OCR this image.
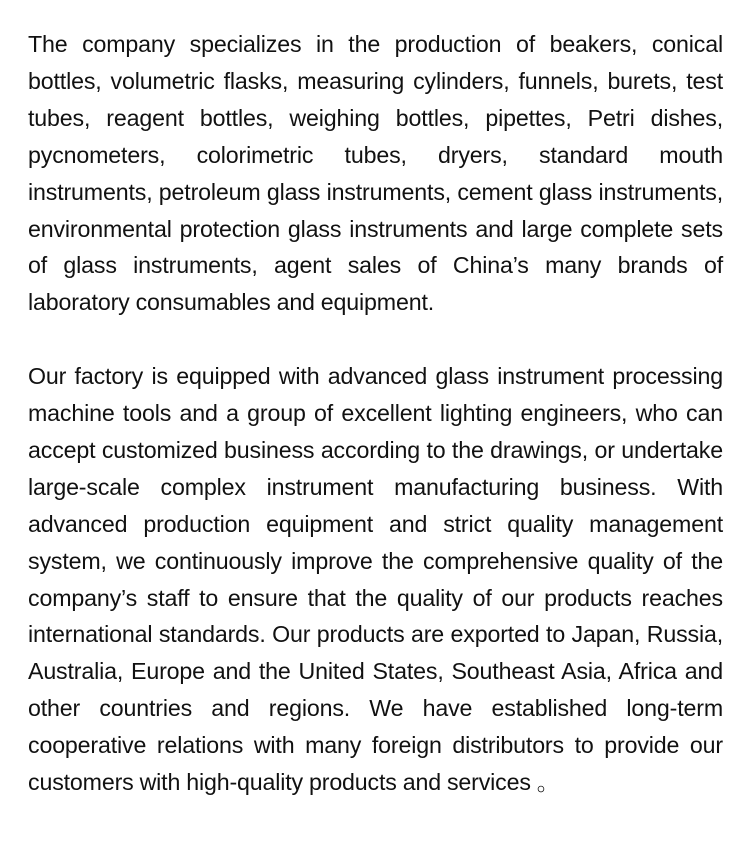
The company specializes in the production of beakers, conical bottles, volumetric flasks, measuring cylinders, funnels, burets, test tubes, reagent bottles, weighing bottles, pipettes, Petri dishes, pycnometers, colorimetric tubes, dryers, standard mouth instruments, petroleum glass instruments, cement glass instruments, environmental protection glass instruments and large complete sets of glass instruments, agent sales of China’s many brands of laboratory consumables and equipment.

Our factory is equipped with advanced glass instrument processing machine tools and a group of excellent lighting engineers, who can accept customized business according to the drawings, or undertake large-scale complex instrument manufacturing business. With advanced production equipment and strict quality management system, we continuously improve the comprehensive quality of the company’s staff to ensure that the quality of our products reaches international standards. Our products are exported to Japan, Russia, Australia, Europe and the United States, Southeast Asia, Africa and other countries and regions. We have established long-term cooperative relations with many foreign distributors to provide our customers with high-quality products and services 。
